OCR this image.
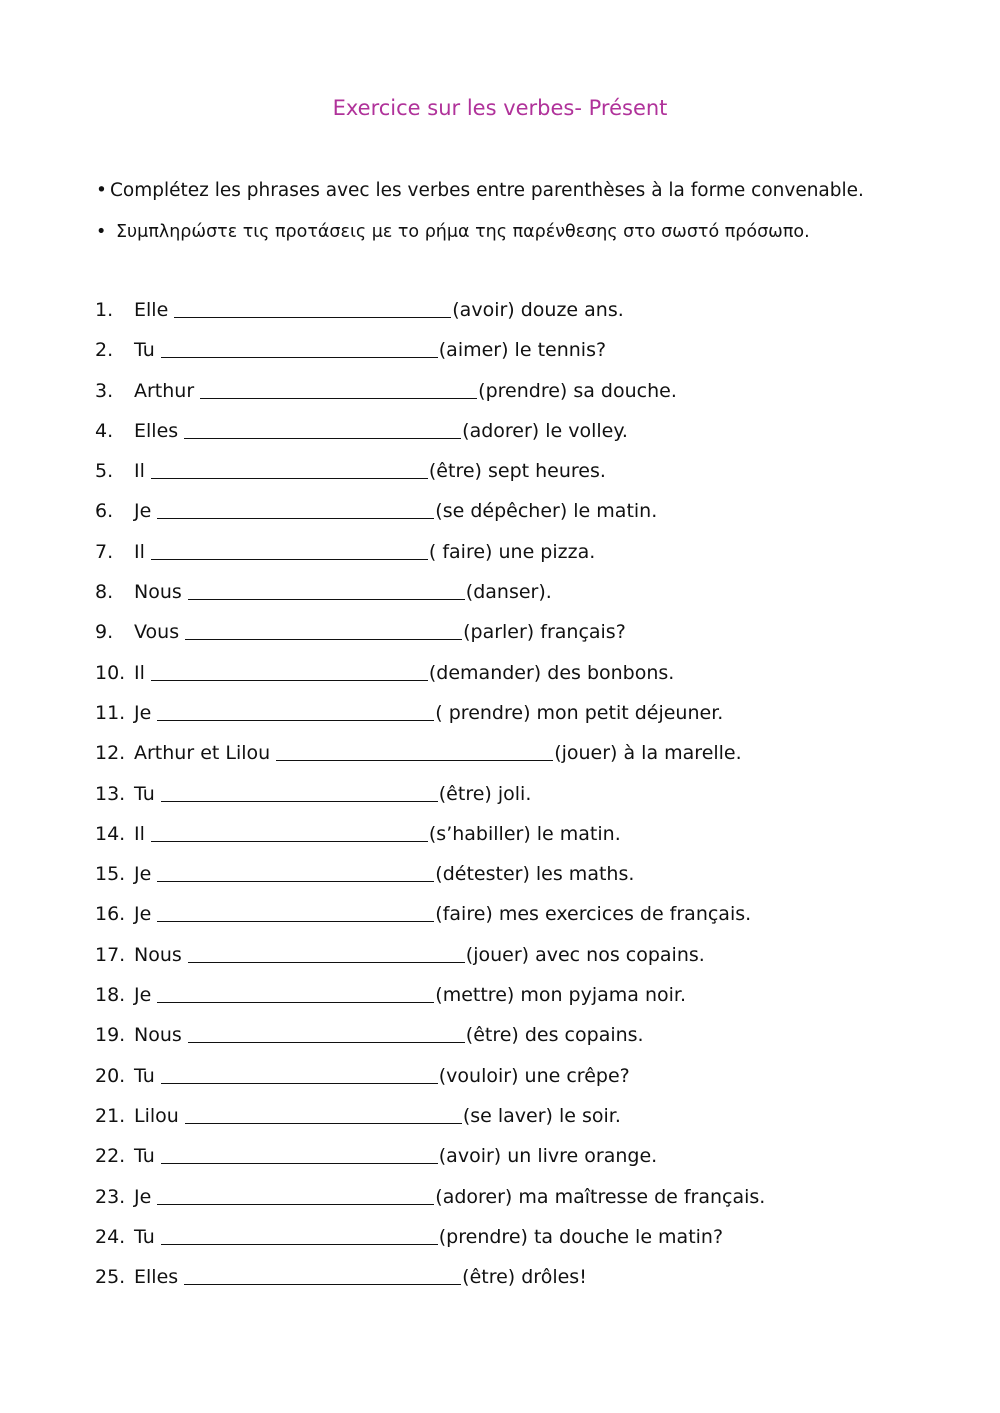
Exercice sur les verbes- Présent
• Complétez les phrases avec les verbes entre parenthèses à la forme convenable.
• Συμπληρώστε τις προτάσεις με το ρήμα της παρένθεσης στο σωστό πρόσωπο.
1.	Elle	(avoir) douze ans.
2.	Tu	(aimer) le tennis?
3.	Arthur	(prendre) sa douche.
4.	Elles	(adorer) le volley.
5.	Il	(être) sept heures.
6.	Je	(se dépêcher) le matin.
7.	Il	( faire) une pizza.
8.	Nous	(danser).
9.	Vous	(parler) français?
10. Il	(demander) des bonbons.
11. Je	( prendre) mon petit déjeuner.
12. Arthur et Lilou	(jouer) à la marelle.
13. Tu	(être) joli.
14. Il	(s’habiller) le matin.
15. Je	(détester) les maths.
16. Je	(faire) mes exercices de français.
17. Nous	(jouer) avec nos copains.
18. Je	(mettre) mon pyjama noir.
19. Nous	(être) des copains.
20. Tu	(vouloir) une crêpe?
21. Lilou	(se laver) le soir.
22. Tu	(avoir) un livre orange.
23. Je	(adorer) ma maîtresse de français.
24. Tu	(prendre) ta douche le matin?
25. Elles	(être) drôles!
